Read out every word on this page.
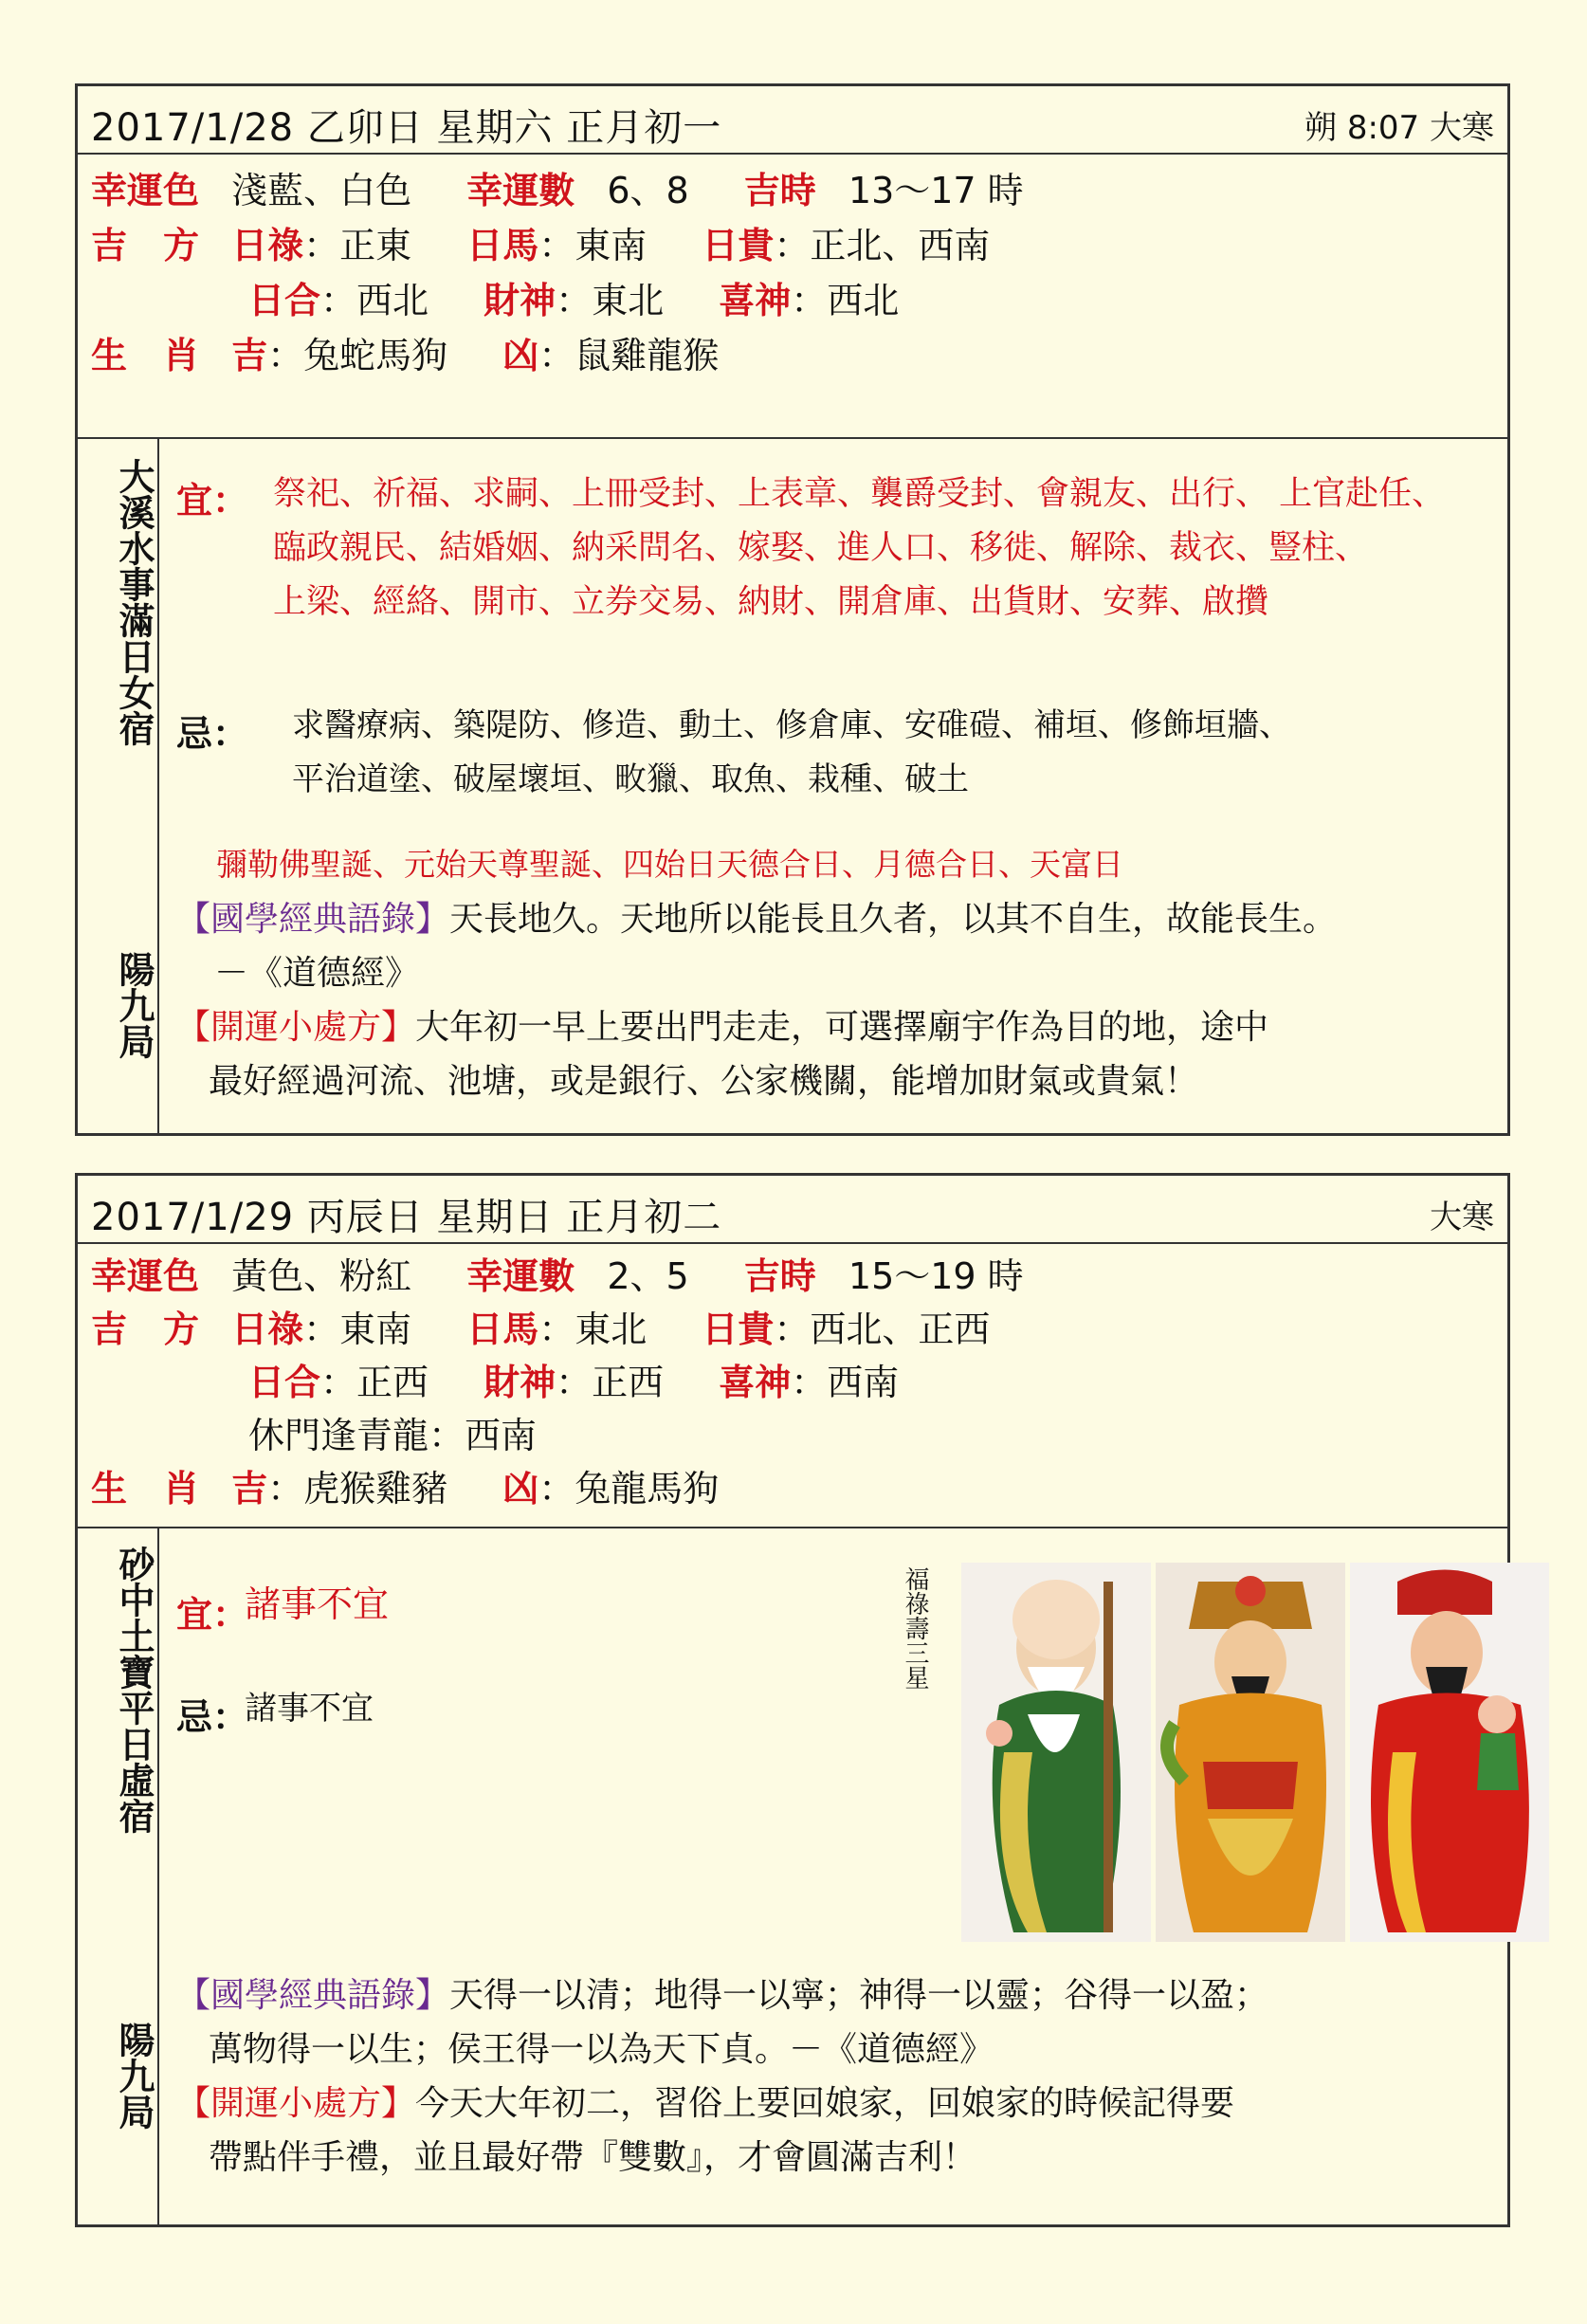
2017/1/28 乙卯日 星期六 正月初一	朔 8:07 大寒
幸運色 淺藍、白色 幸運數 6、8 吉時 13～17 時
吉　方 日祿：正東 日馬：東南 日貴：正北、西南
日合：西北 財神：東北 喜神：西北
生　肖 吉：兔蛇馬狗 凶：鼠雞龍猴
大溪水事滿日女宿
陽九局
宜： 祭祀、祈福、求嗣、上冊受封、上表章、襲爵受封、會親友、出行、 上官赴任、
臨政親民、結婚姻、納采問名、嫁娶、進人口、移徙、解除、裁衣、豎柱、
上梁、經絡、開市、立券交易、納財、開倉庫、出貨財、安葬、啟攢
忌： 求醫療病、築隄防、修造、動土、修倉庫、安碓磑、補垣、修飾垣牆、
平治道塗、破屋壞垣、畋獵、取魚、栽種、破土
彌勒佛聖誕、元始天尊聖誕、四始日天德合日、月德合日、天富日
【國學經典語錄】天長地久。天地所以能長且久者，以其不自生，故能長生。
－《道德經》
【開運小處方】大年初一早上要出門走走，可選擇廟宇作為目的地，途中
最好經過河流、池塘，或是銀行、公家機關，能增加財氣或貴氣！
2017/1/29 丙辰日 星期日 正月初二	大寒
幸運色 黃色、粉紅 幸運數 2、5 吉時 15～19 時
吉　方 日祿：東南 日馬：東北 日貴：西北、正西
日合：正西 財神：正西 喜神：西南
休門逢青龍：西南
生　肖 吉：虎猴雞豬 凶：兔龍馬狗
砂中土寶平日虛宿
陽九局
宜：
諸事不宜
忌：
諸事不宜
福祿壽三星
【國學經典語錄】天得一以清；地得一以寧；神得一以靈；谷得一以盈；
萬物得一以生；侯王得一以為天下貞。－《道德經》
【開運小處方】今天大年初二，習俗上要回娘家，回娘家的時候記得要
帶點伴手禮，並且最好帶『雙數』，才會圓滿吉利！
